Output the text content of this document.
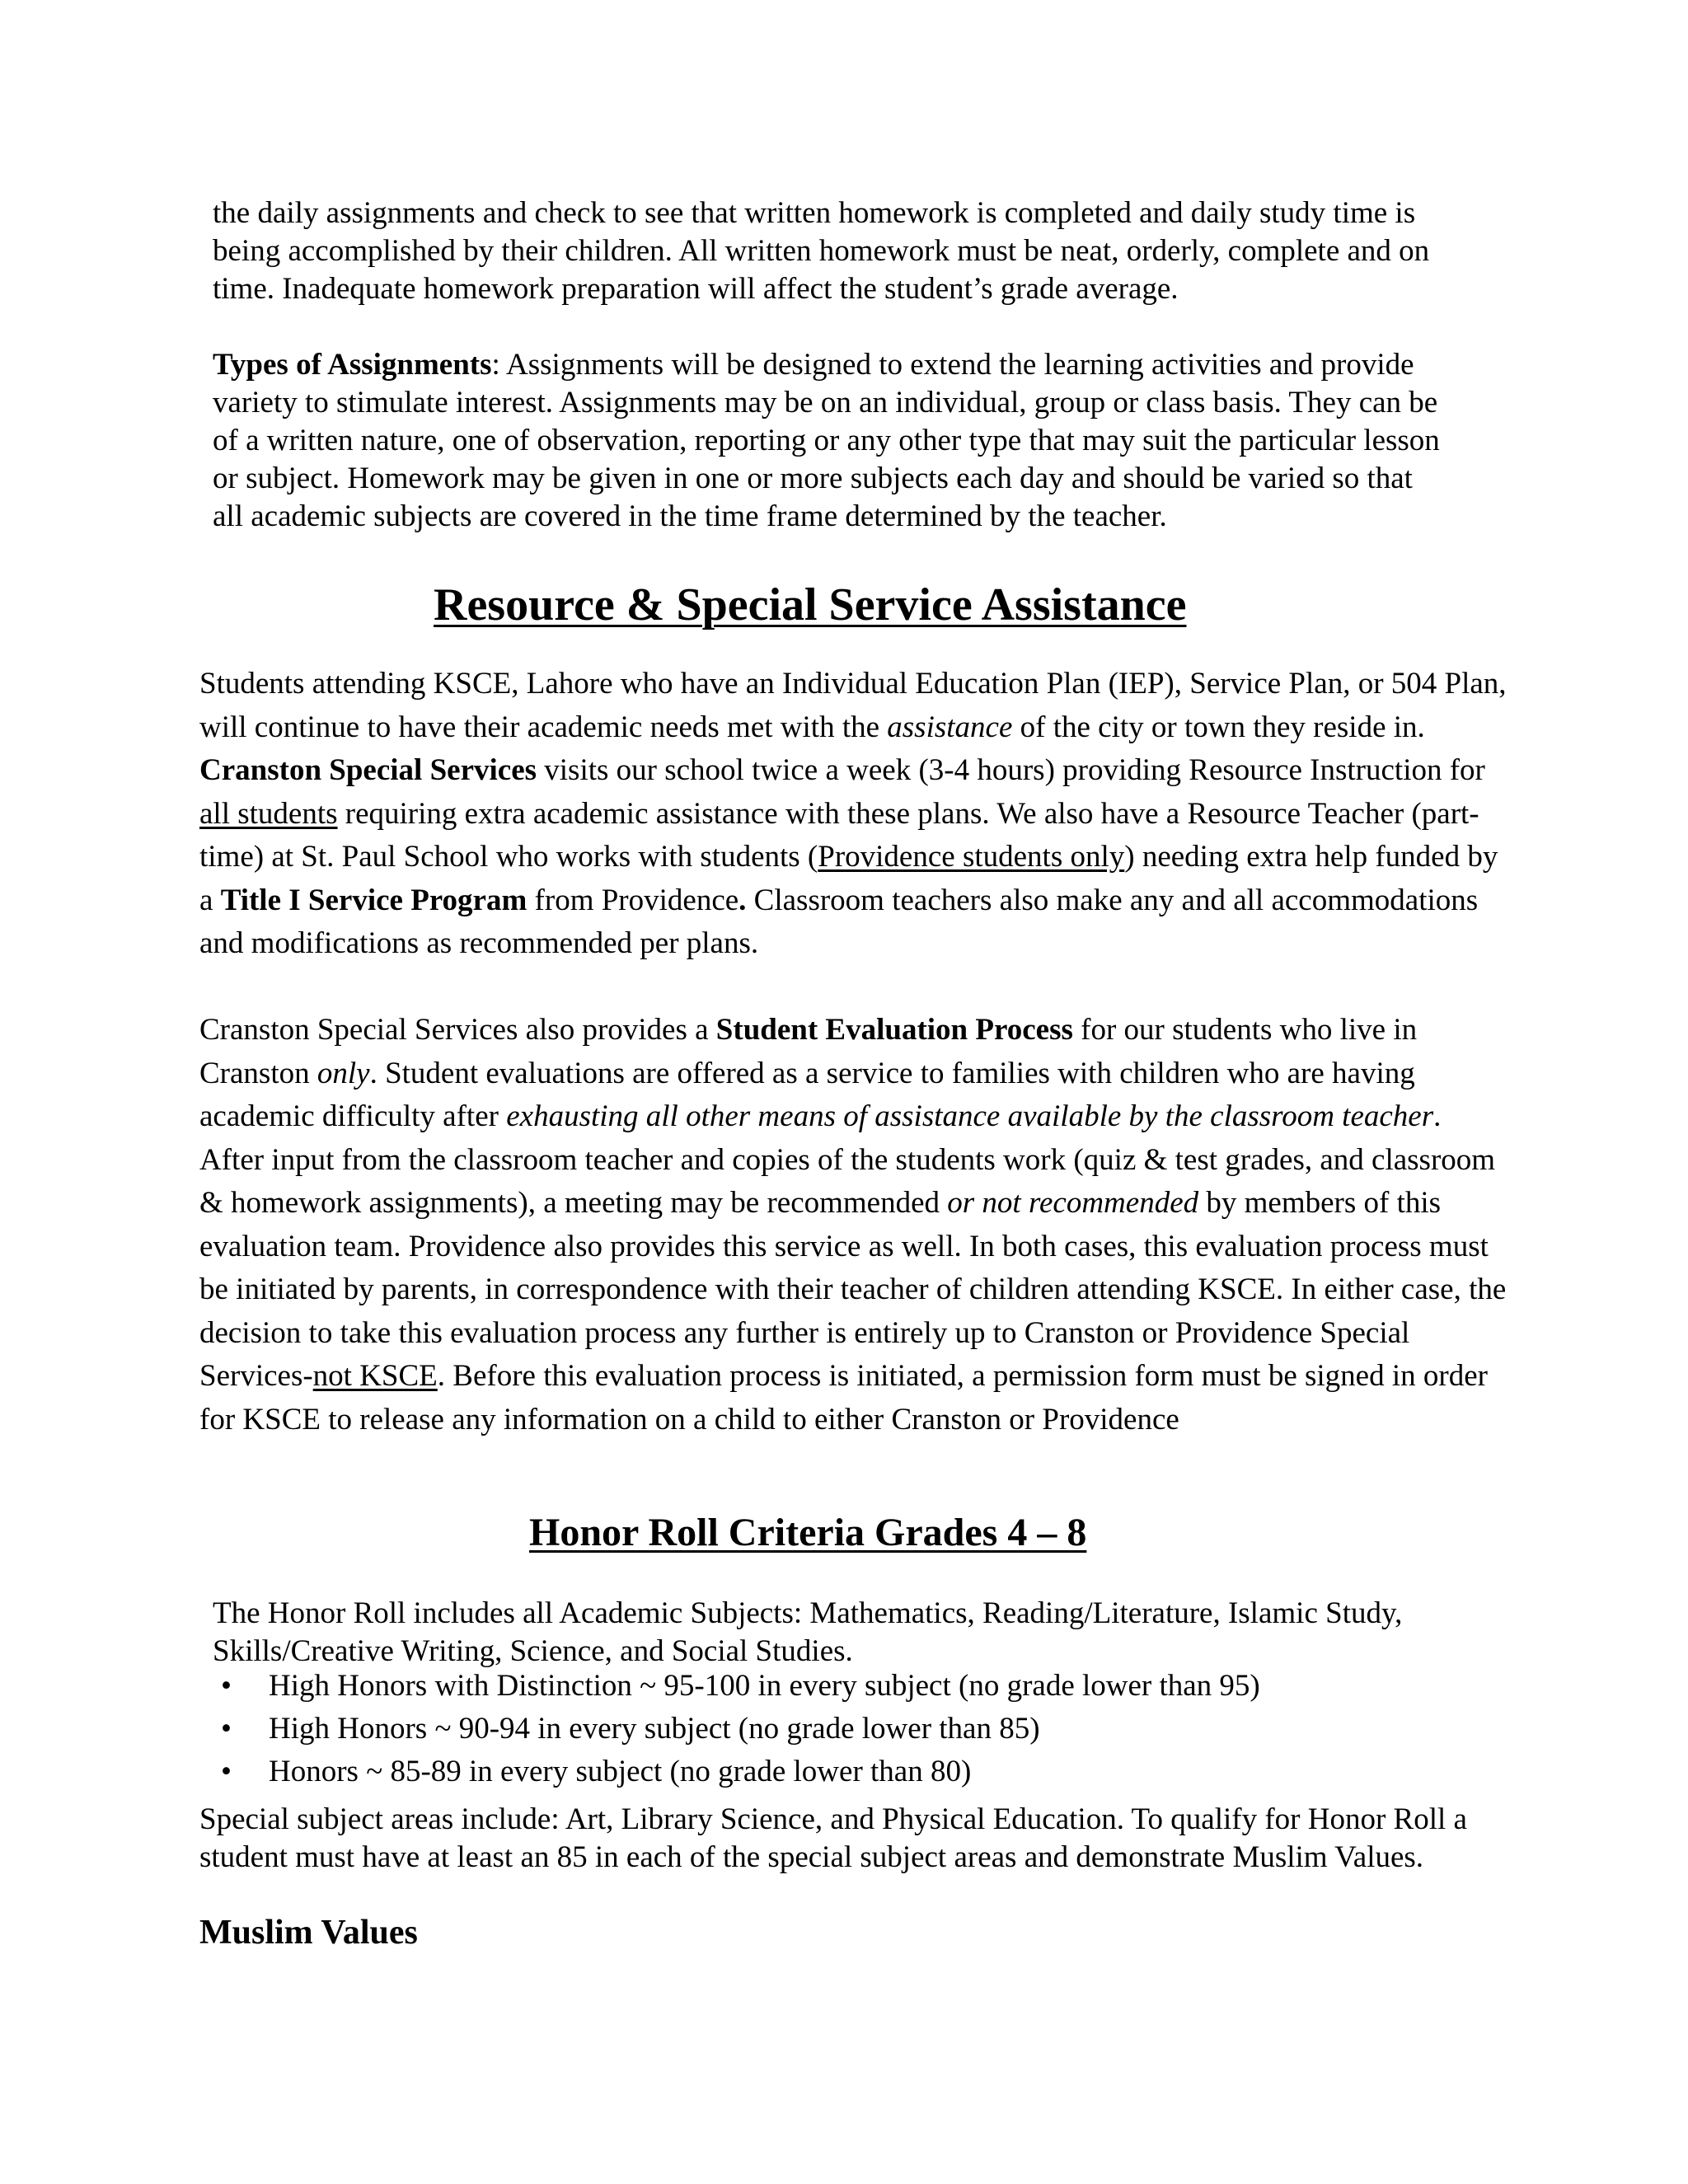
the daily assignments and check to see that written homework is completed and daily study time is being accomplished by their children. All written homework must be neat, orderly, complete and on time. Inadequate homework preparation will affect the student’s grade average.

Types of Assignments: Assignments will be designed to extend the learning activities and provide variety to stimulate interest. Assignments may be on an individual, group or class basis. They can be of a written nature, one of observation, reporting or any other type that may suit the particular lesson or subject. Homework may be given in one or more subjects each day and should be varied so that all academic subjects are covered in the time frame determined by the teacher.

Resource & Special Service Assistance

Students attending KSCE, Lahore who have an Individual Education Plan (IEP), Service Plan, or 504 Plan, will continue to have their academic needs met with the assistance of the city or town they reside in. Cranston Special Services visits our school twice a week (3-4 hours) providing Resource Instruction for all students requiring extra academic assistance with these plans. We also have a Resource Teacher (part-time) at St. Paul School who works with students (Providence students only) needing extra help funded by a Title I Service Program from Providence. Classroom teachers also make any and all accommodations and modifications as recommended per plans.

Cranston Special Services also provides a Student Evaluation Process for our students who live in Cranston only. Student evaluations are offered as a service to families with children who are having academic difficulty after exhausting all other means of assistance available by the classroom teacher. After input from the classroom teacher and copies of the students work (quiz & test grades, and classroom & homework assignments), a meeting may be recommended or not recommended by members of this evaluation team. Providence also provides this service as well. In both cases, this evaluation process must be initiated by parents, in correspondence with their teacher of children attending KSCE. In either case, the decision to take this evaluation process any further is entirely up to Cranston or Providence Special Services-not KSCE. Before this evaluation process is initiated, a permission form must be signed in order for KSCE to release any information on a child to either Cranston or Providence

Honor Roll Criteria Grades 4 – 8

The Honor Roll includes all Academic Subjects: Mathematics, Reading/Literature, Islamic Study, Skills/Creative Writing, Science, and Social Studies.

• High Honors with Distinction ~ 95-100 in every subject (no grade lower than 95)
• High Honors ~ 90-94 in every subject (no grade lower than 85)
• Honors ~ 85-89 in every subject (no grade lower than 80)

Special subject areas include: Art, Library Science, and Physical Education. To qualify for Honor Roll a student must have at least an 85 in each of the special subject areas and demonstrate Muslim Values.

Muslim Values
